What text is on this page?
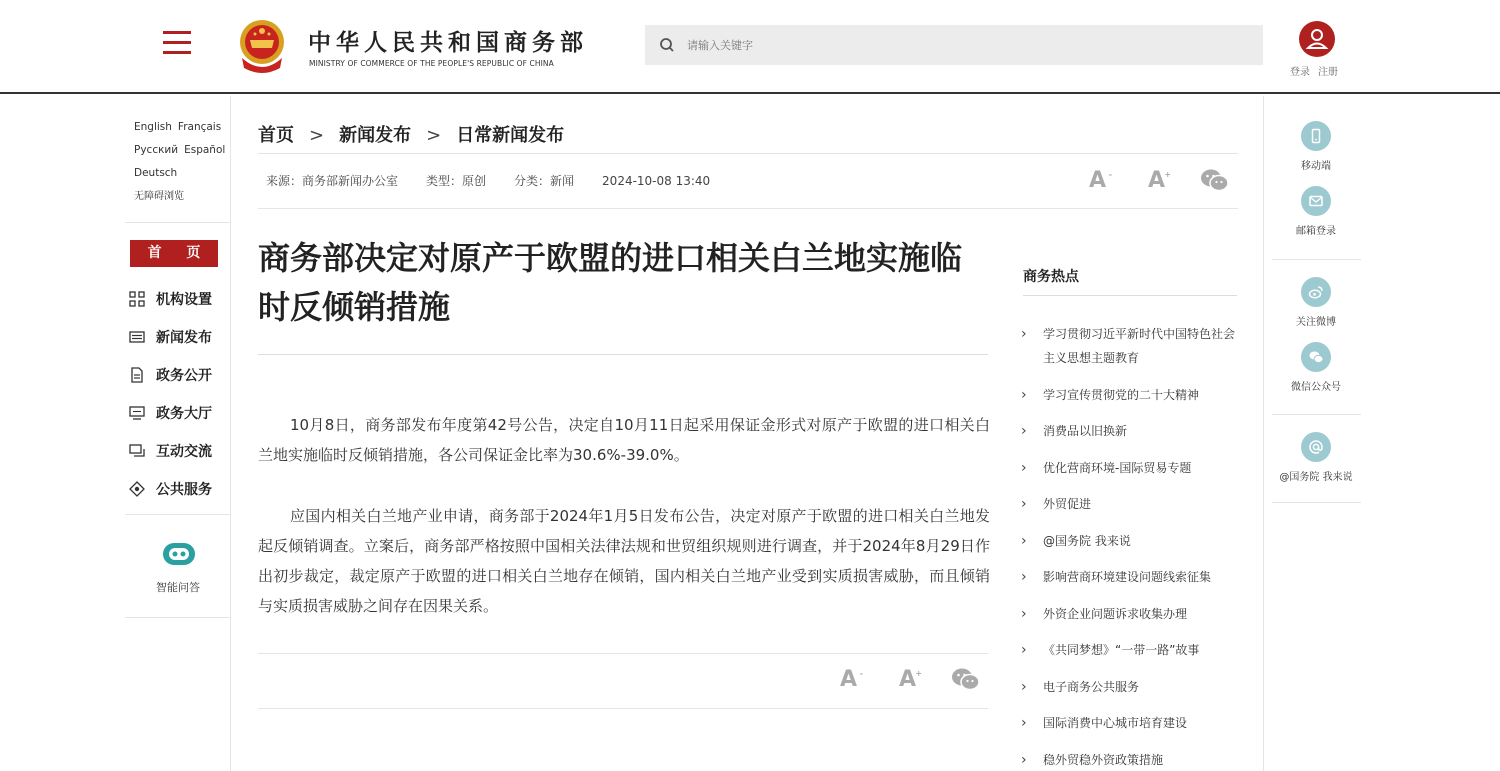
中华人民共和国商务部
MINISTRY OF COMMERCE OF THE PEOPLE'S REPUBLIC OF CHINA
请输入关键字
登录 注册
English Français
Русский Español
Deutsch
无障碍浏览
首 页
机构设置
新闻发布
政务公开
政务大厅
互动交流
公共服务
智能问答
首页 > 新闻发布 > 日常新闻发布
来源：商务部新闻办公室 类型：原创 分类：新闻 2024-10-08 13:40	A - A +
商务部决定对原产于欧盟的进口相关白兰地实施临时反倾销措施

10月8日，商务部发布年度第42号公告，决定自10月11日起采用保证金形式对原产于欧盟的进口相关白兰地实施临时反倾销措施，各公司保证金比率为30.6%-39.0%。

应国内相关白兰地产业申请，商务部于2024年1月5日发布公告，决定对原产于欧盟的进口相关白兰地发起反倾销调查。立案后，商务部严格按照中国相关法律法规和世贸组织规则进行调查，并于2024年8月29日作出初步裁定，裁定原产于欧盟的进口相关白兰地存在倾销，国内相关白兰地产业受到实质损害威胁，而且倾销与实质损害威胁之间存在因果关系。

A - A +
商务热点
› 学习贯彻习近平新时代中国特色社会主义思想主题教育
› 学习宣传贯彻党的二十大精神
› 消费品以旧换新
› 优化营商环境-国际贸易专题
› 外贸促进
› @国务院 我来说
› 影响营商环境建设问题线索征集
› 外资企业问题诉求收集办理
› 《共同梦想》“一带一路”故事
› 电子商务公共服务
› 国际消费中心城市培育建设
› 稳外贸稳外资政策措施
移动端
邮箱登录
关注微博
微信公众号
@国务院 我来说
